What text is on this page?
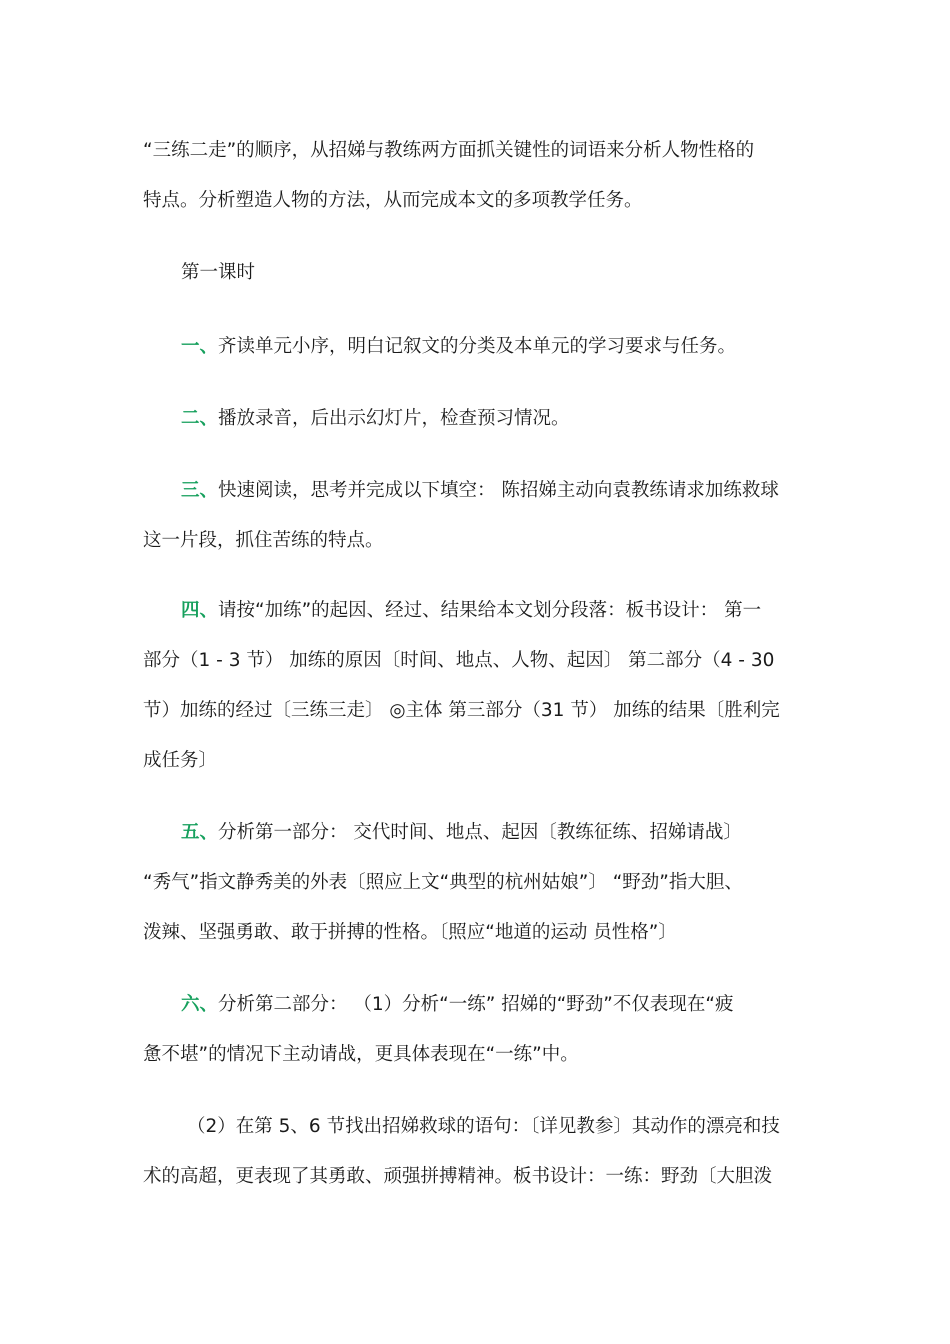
“三练二走”的顺序，从招娣与教练两方面抓关键性的词语来分析人物性格的
特点。分析塑造人物的方法，从而完成本文的多项教学任务。
第一课时
一、齐读单元小序，明白记叙文的分类及本单元的学习要求与任务。
二、播放录音，后出示幻灯片，检查预习情况。
三、快速阅读，思考并完成以下填空： 陈招娣主动向袁教练请求加练救球
这一片段，抓住苦练的特点。
四、请按“加练”的起因、经过、结果给本文划分段落：板书设计： 第一
部分（1 - 3 节） 加练的原因〔时间、地点、人物、起因〕 第二部分（4 - 30
节）加练的经过〔三练三走〕 ◎主体 第三部分（31 节） 加练的结果〔胜利完
成任务〕
五、分析第一部分： 交代时间、地点、起因〔教练征练、招娣请战〕
“秀气”指文静秀美的外表〔照应上文“典型的杭州姑娘”〕 “野劲”指大胆、
泼辣、坚强勇敢、敢于拼搏的性格。〔照应“地道的运动 员性格”〕
六、分析第二部分： （1）分析“一练” 招娣的“野劲”不仅表现在“疲
惫不堪”的情况下主动请战，更具体表现在“一练”中。
（2）在第 5、6 节找出招娣救球的语句：〔详见教参〕其动作的漂亮和技
术的高超，更表现了其勇敢、顽强拼搏精神。板书设计：一练：野劲〔大胆泼
